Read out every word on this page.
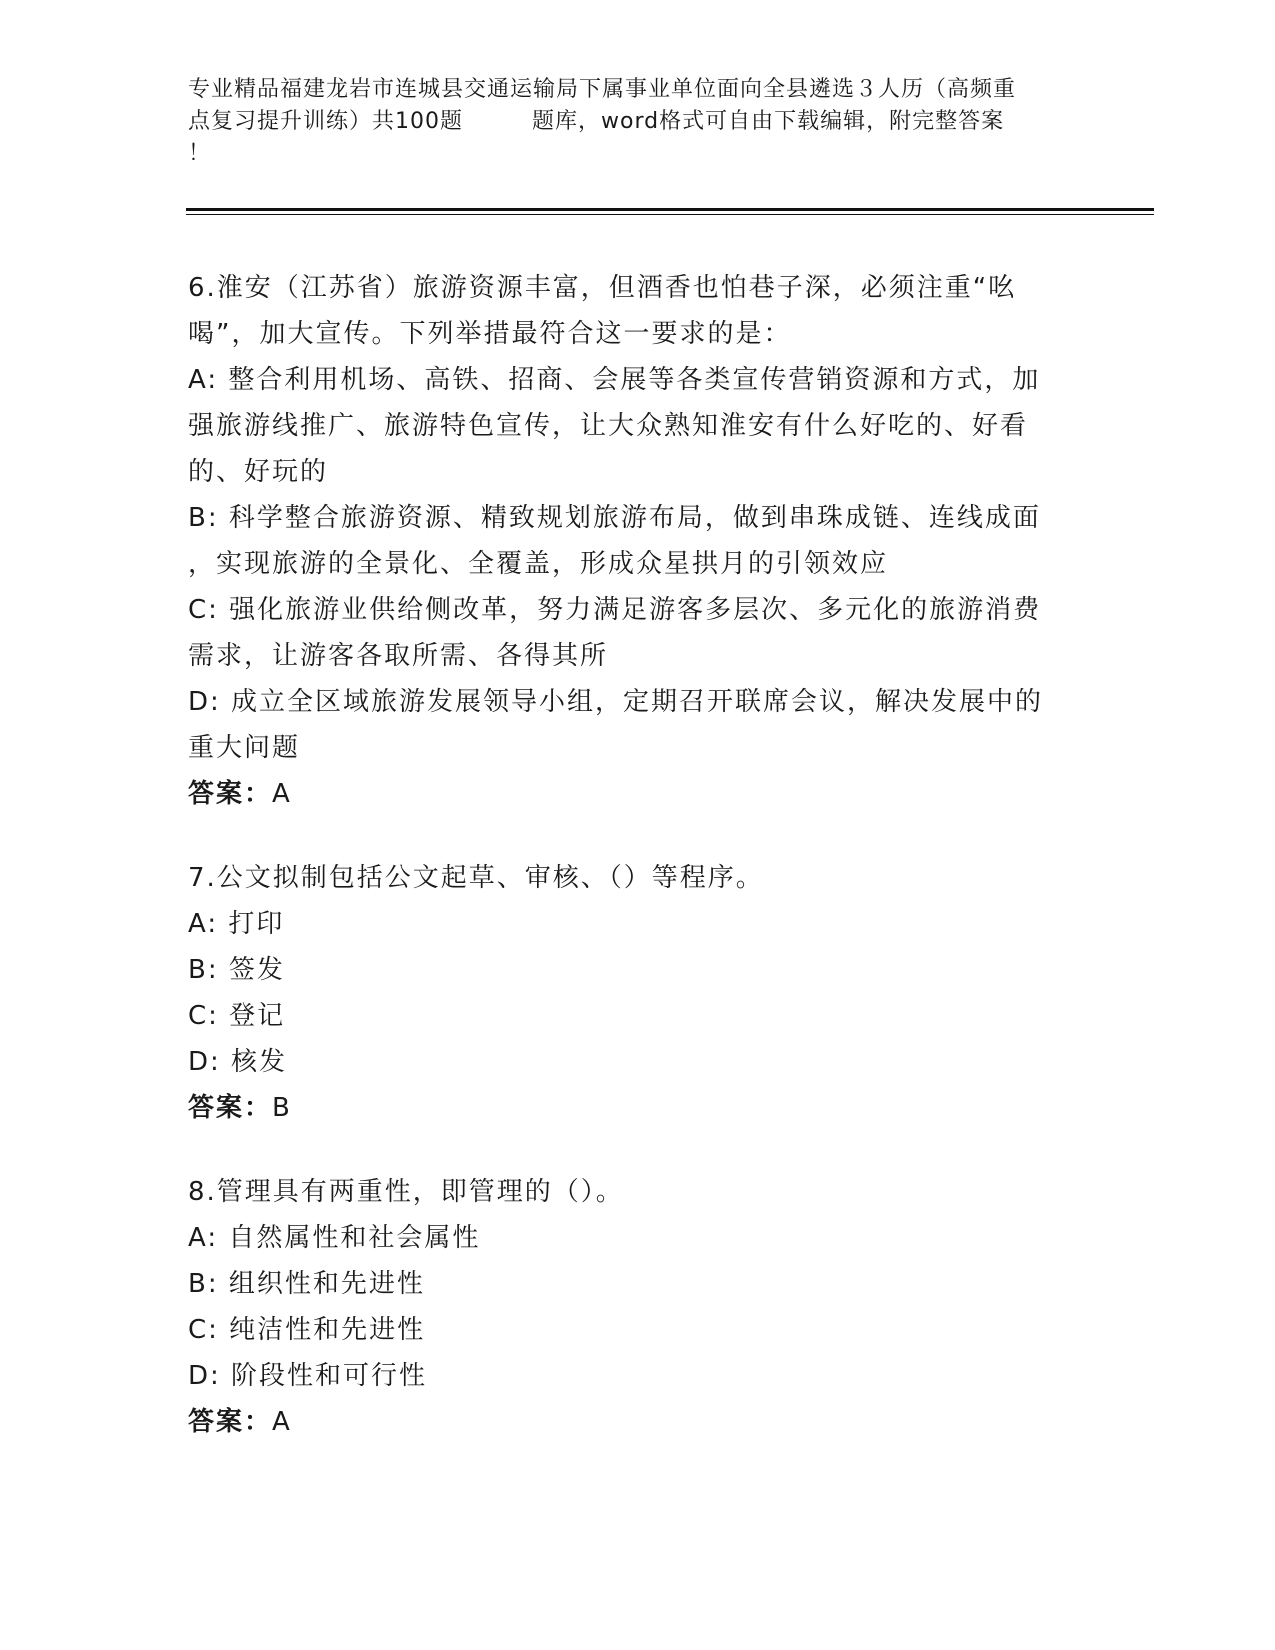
专业精品福建龙岩市连城县交通运输局下属事业单位面向全县遴选３人历（高频重
点复习提升训练）共100题　　　题库，word格式可自由下载编辑，附完整答案
！
6.淮安（江苏省）旅游资源丰富，但酒香也怕巷子深，必须注重“吆
喝”，加大宣传。下列举措最符合这一要求的是：
A: 整合利用机场、高铁、招商、会展等各类宣传营销资源和方式，加
强旅游线推广、旅游特色宣传，让大众熟知淮安有什么好吃的、好看
的、好玩的
B: 科学整合旅游资源、精致规划旅游布局，做到串珠成链、连线成面
，实现旅游的全景化、全覆盖，形成众星拱月的引领效应
C: 强化旅游业供给侧改革，努力满足游客多层次、多元化的旅游消费
需求，让游客各取所需、各得其所
D: 成立全区域旅游发展领导小组，定期召开联席会议，解决发展中的
重大问题
答案：A
7.公文拟制包括公文起草、审核、（）等程序。
A: 打印
B: 签发
C: 登记
D: 核发
答案：B
8.管理具有两重性，即管理的（）。
A: 自然属性和社会属性
B: 组织性和先进性
C: 纯洁性和先进性
D: 阶段性和可行性
答案：A
